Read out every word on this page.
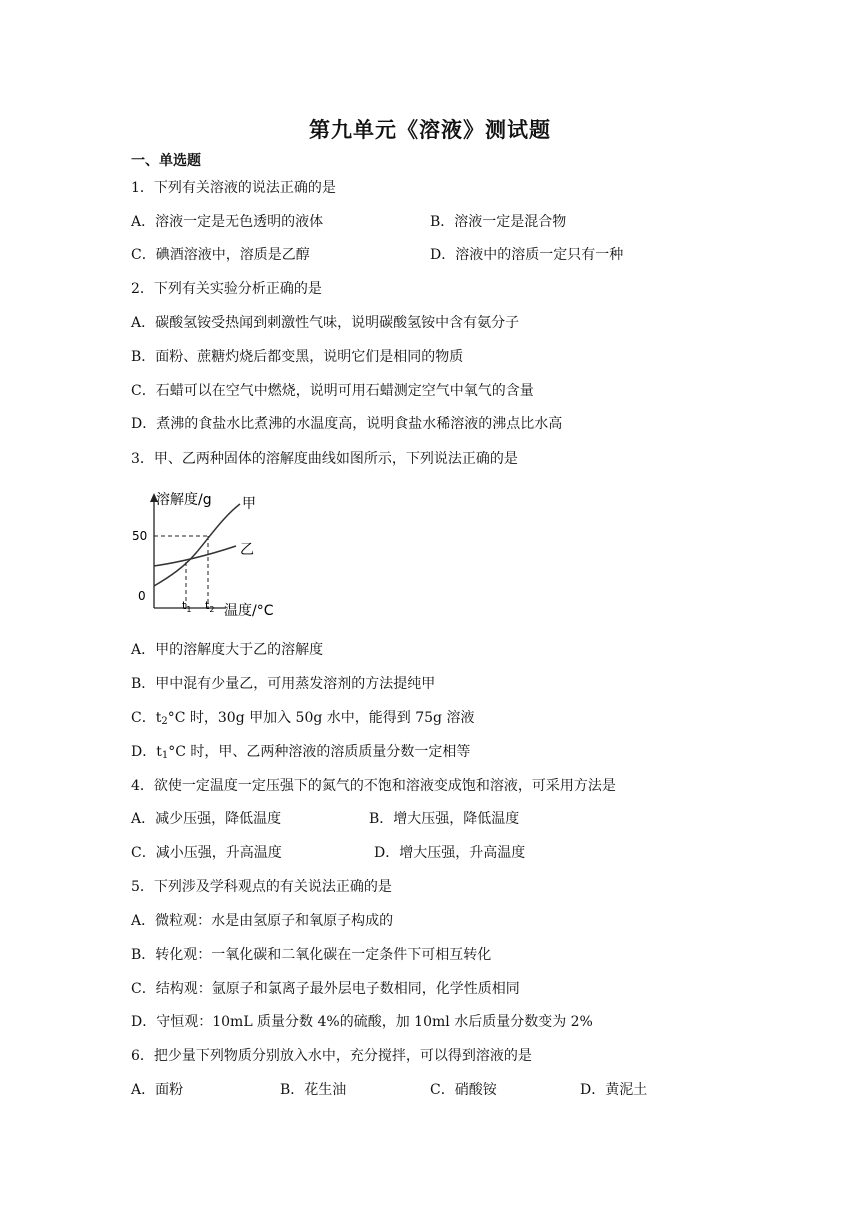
第九单元《溶液》测试题
一、单选题
1．下列有关溶液的说法正确的是
A．溶液一定是无色透明的液体	B．溶液一定是混合物
C．碘酒溶液中，溶质是乙醇	D．溶液中的溶质一定只有一种
2．下列有关实验分析正确的是
A．碳酸氢铵受热闻到刺激性气味，说明碳酸氢铵中含有氨分子
B．面粉、蔗糖灼烧后都变黑，说明它们是相同的物质
C．石蜡可以在空气中燃烧，说明可用石蜡测定空气中氧气的含量
D．煮沸的食盐水比煮沸的水温度高，说明食盐水稀溶液的沸点比水高
3．甲、乙两种固体的溶解度曲线如图所示，下列说法正确的是
溶解度/g 甲
乙
50
0
$t_1$ $t_2$ 温度/°C
A．甲的溶解度大于乙的溶解度
B．甲中混有少量乙，可用蒸发溶剂的方法提纯甲
C．$t_2^\circ C$ 时，30g 甲加入 50g 水中，能得到 75g 溶液
D．$t_1^\circ C$ 时，甲、乙两种溶液的溶质质量分数一定相等
4．欲使一定温度一定压强下的氮气的不饱和溶液变成饱和溶液，可采用方法是
A．减少压强，降低温度	B．增大压强，降低温度
C．减小压强，升高温度	D．增大压强，升高温度
5．下列涉及学科观点的有关说法正确的是
A．微粒观：水是由氢原子和氧原子构成的
B．转化观：一氧化碳和二氧化碳在一定条件下可相互转化
C．结构观：氩原子和氯离子最外层电子数相同，化学性质相同
D．守恒观：10mL 质量分数 4%的硫酸，加 10ml 水后质量分数变为 2%
6．把少量下列物质分别放入水中，充分搅拌，可以得到溶液的是
A．面粉	B．花生油	C．硝酸铵	D．黄泥土
